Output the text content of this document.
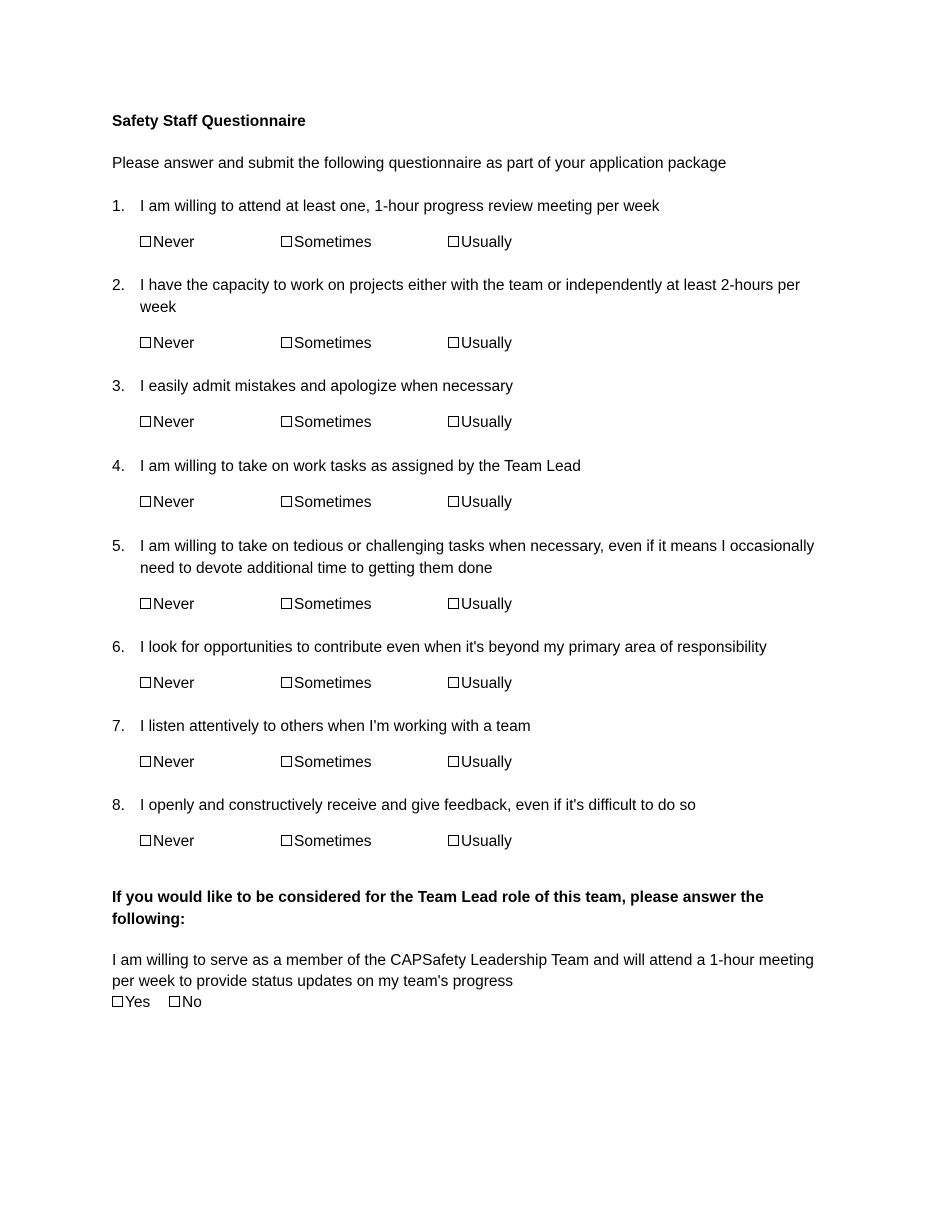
Safety Staff Questionnaire
Please answer and submit the following questionnaire as part of your application package
1. I am willing to attend at least one, 1-hour progress review meeting per week
Never	Sometimes	Usually
2. I have the capacity to work on projects either with the team or independently at least 2-hours per week
Never	Sometimes	Usually
3. I easily admit mistakes and apologize when necessary
Never	Sometimes	Usually
4. I am willing to take on work tasks as assigned by the Team Lead
Never	Sometimes	Usually
5. I am willing to take on tedious or challenging tasks when necessary, even if it means I occasionally need to devote additional time to getting them done
Never	Sometimes	Usually
6. I look for opportunities to contribute even when it's beyond my primary area of responsibility
Never	Sometimes	Usually
7. I listen attentively to others when I'm working with a team
Never	Sometimes	Usually
8. I openly and constructively receive and give feedback, even if it's difficult to do so
Never	Sometimes	Usually
If you would like to be considered for the Team Lead role of this team, please answer the following:
I am willing to serve as a member of the CAPSafety Leadership Team and will attend a 1-hour meeting per week to provide status updates on my team's progress
Yes	No
